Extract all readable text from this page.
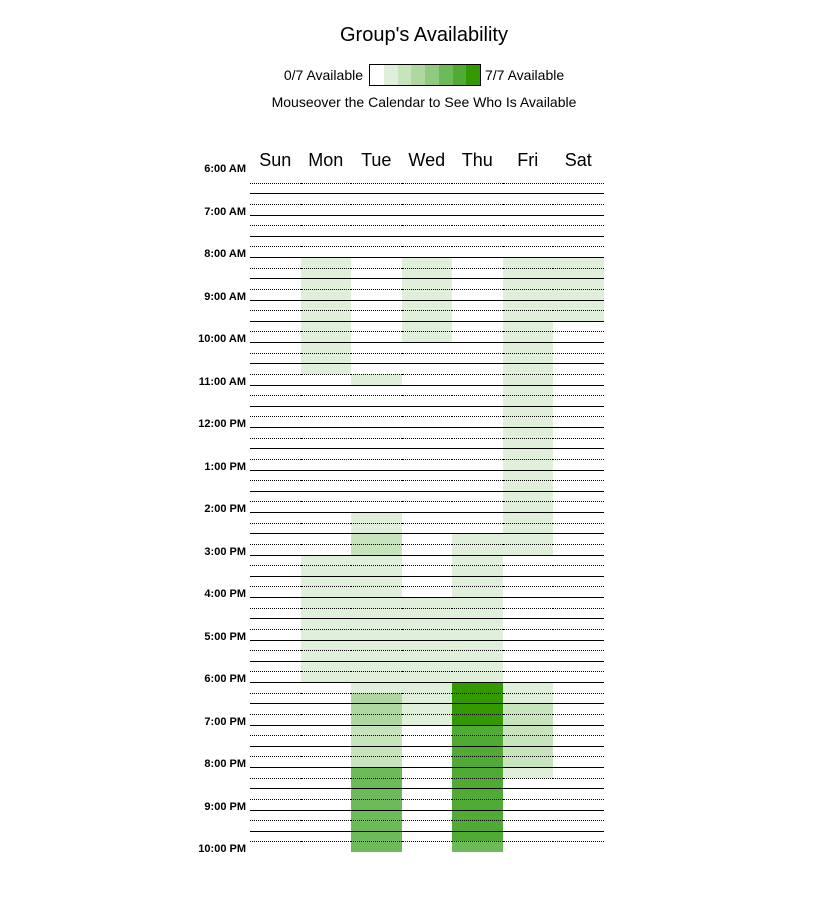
Group's Availability
0/7 Available	7/7 Available
Mouseover the Calendar to See Who Is Available
Sun Mon Tue Wed Thu	Fri	Sat
6:00 AM
7:00 AM
8:00 AM
9:00 AM
10:00 AM
11:00 AM
12:00 PM
1:00 PM
2:00 PM
3:00 PM
4:00 PM
5:00 PM
6:00 PM
7:00 PM
8:00 PM
9:00 PM
10:00 PM
